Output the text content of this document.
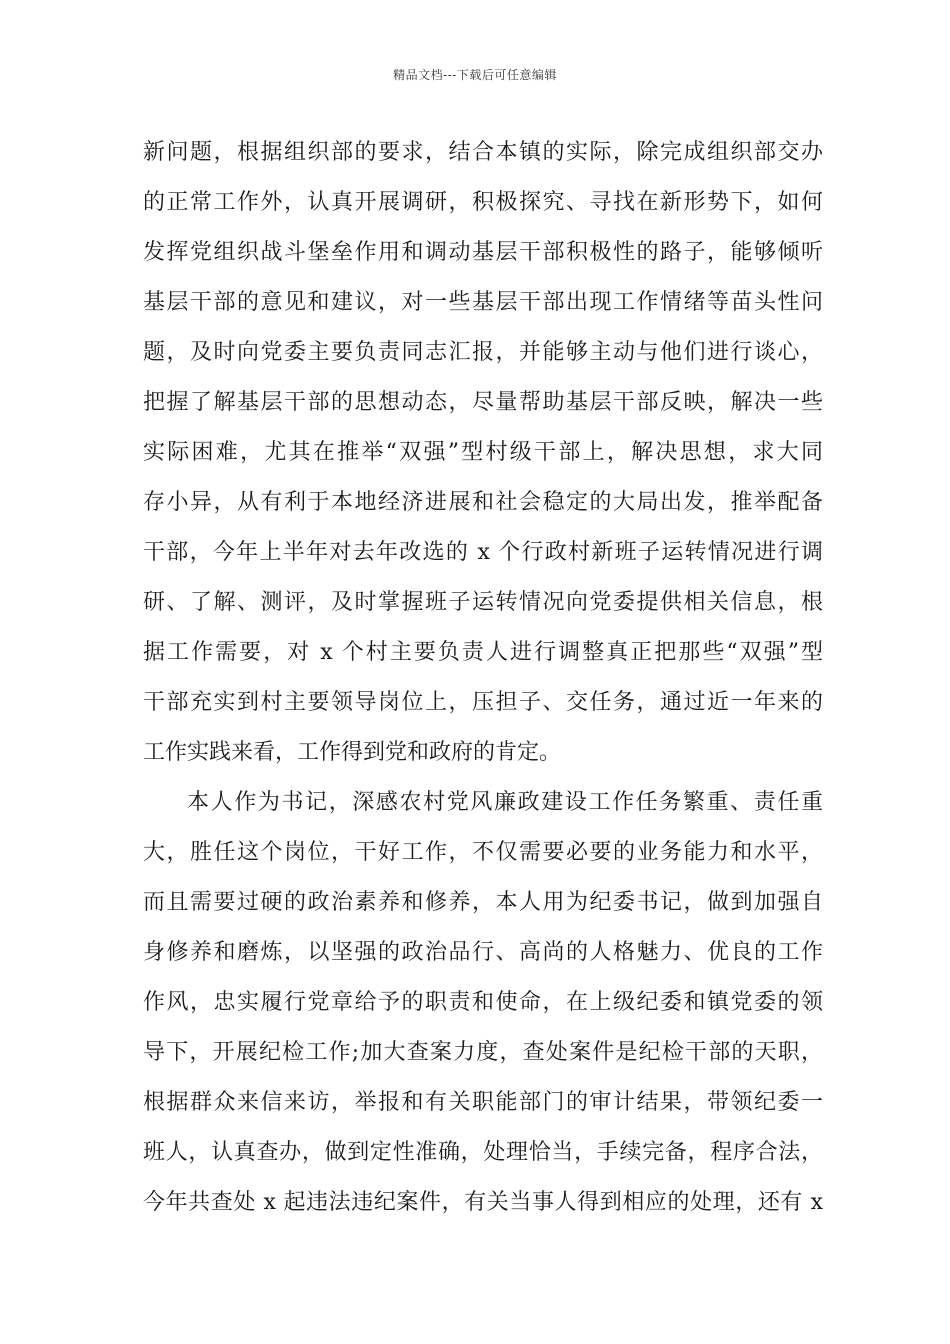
精品文档---下载后可任意编辑
新问题，根据组织部的要求，结合本镇的实际，除完成组织部交办
的正常工作外，认真开展调研，积极探究、寻找在新形势下，如何
发挥党组织战斗堡垒作用和调动基层干部积极性的路子，能够倾听
基层干部的意见和建议，对一些基层干部出现工作情绪等苗头性问
题，及时向党委主要负责同志汇报，并能够主动与他们进行谈心，
把握了解基层干部的思想动态，尽量帮助基层干部反映，解决一些
实际困难，尤其在推举“双强”型村级干部上，解决思想，求大同
存小异，从有利于本地经济进展和社会稳定的大局出发，推举配备
干部，今年上半年对去年改选的 x 个行政村新班子运转情况进行调
研、了解、测评，及时掌握班子运转情况向党委提供相关信息，根
据工作需要，对 x 个村主要负责人进行调整真正把那些“双强”型
干部充实到村主要领导岗位上，压担子、交任务，通过近一年来的
工作实践来看，工作得到党和政府的肯定。
本人作为书记，深感农村党风廉政建设工作任务繁重、责任重
大，胜任这个岗位，干好工作，不仅需要必要的业务能力和水平，
而且需要过硬的政治素养和修养，本人用为纪委书记，做到加强自
身修养和磨炼，以坚强的政治品行、高尚的人格魅力、优良的工作
作风，忠实履行党章给予的职责和使命，在上级纪委和镇党委的领
导下，开展纪检工作;加大查案力度，查处案件是纪检干部的天职，
根据群众来信来访，举报和有关职能部门的审计结果，带领纪委一
班人，认真查办，做到定性准确，处理恰当，手续完备，程序合法，
今年共查处 x 起违法违纪案件，有关当事人得到相应的处理，还有 x
